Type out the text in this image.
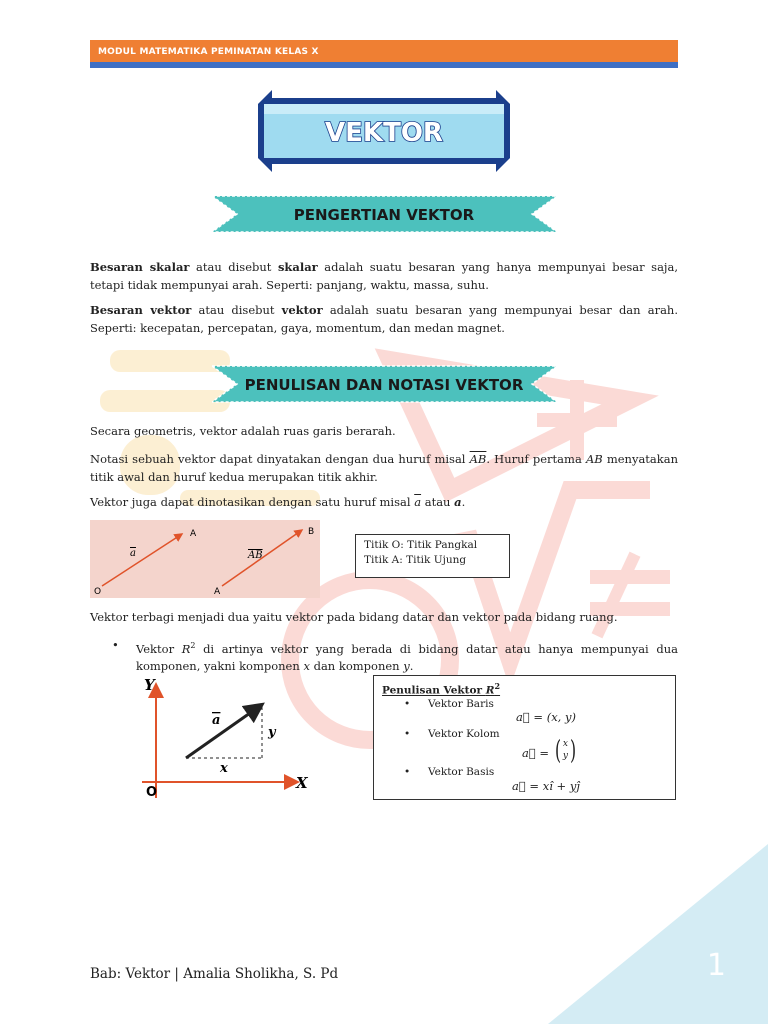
MODUL MATEMATIKA PEMINATAN KELAS X
VEKTOR
PENGERTIAN VEKTOR

Besaran skalar atau disebut skalar adalah suatu besaran yang hanya mempunyai besar saja, tetapi tidak mempunyai arah. Seperti: panjang, waktu, massa, suhu.

Besaran vektor atau disebut vektor adalah suatu besaran yang mempunyai besar dan arah. Seperti: kecepatan, percepatan, gaya, momentum, dan medan magnet.

PENULISAN DAN NOTASI VEKTOR

Secara geometris, vektor adalah ruas garis berarah.

Notasi sebuah vektor dapat dinyatakan dengan dua huruf misal $\overline{AB}$. Huruf pertama AB menyatakan titik awal dan huruf kedua merupakan titik akhir.

Vektor juga dapat dinotasikan dengan satu huruf misal $\overline{a}$ atau a.

a
O
A
AB
A
B
Titik O: Titik Pangkal
Titik A: Titik Ujung

Vektor terbagi menjadi dua yaitu vektor pada bidang datar dan vektor pada bidang ruang.

• Vektor $R^2$ di artinya vektor yang berada di bidang datar atau hanya mempunyai dua komponen, yakni komponen x dan komponen y.
Y
X
O
a
x
y
Penulisan Vektor $R^2$
• Vektor Baris
a⃗ = (x, y)
• Vektor Kolom
a⃗ = ( x
y)
• Vektor Basis
a⃗ = xî + yĵ
1
Bab: Vektor | Amalia Sholikha, S. Pd
